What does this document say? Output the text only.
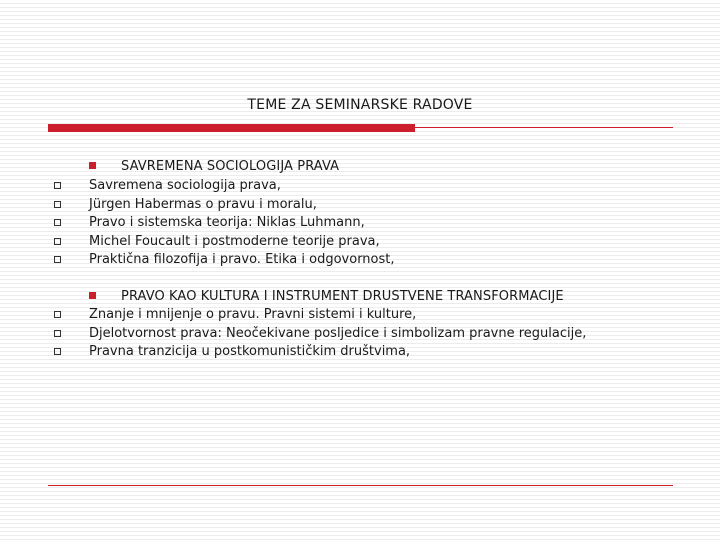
TEME ZA SEMINARSKE RADOVE
SAVREMENA SOCIOLOGIJA PRAVA
Savremena sociologija prava,
Jürgen Habermas o pravu i moralu,
Pravo i sistemska teorija: Niklas Luhmann,
Michel Foucault i postmoderne teorije prava,
Praktična filozofija i pravo. Etika i odgovornost,
PRAVO KAO KULTURA I INSTRUMENT DRUSTVENE TRANSFORMACIJE
Znanje i mnijenje o pravu. Pravni sistemi i kulture,
Djelotvornost prava: Neočekivane posljedice i simbolizam pravne regulacije,
Pravna tranzicija u postkomunističkim društvima,
